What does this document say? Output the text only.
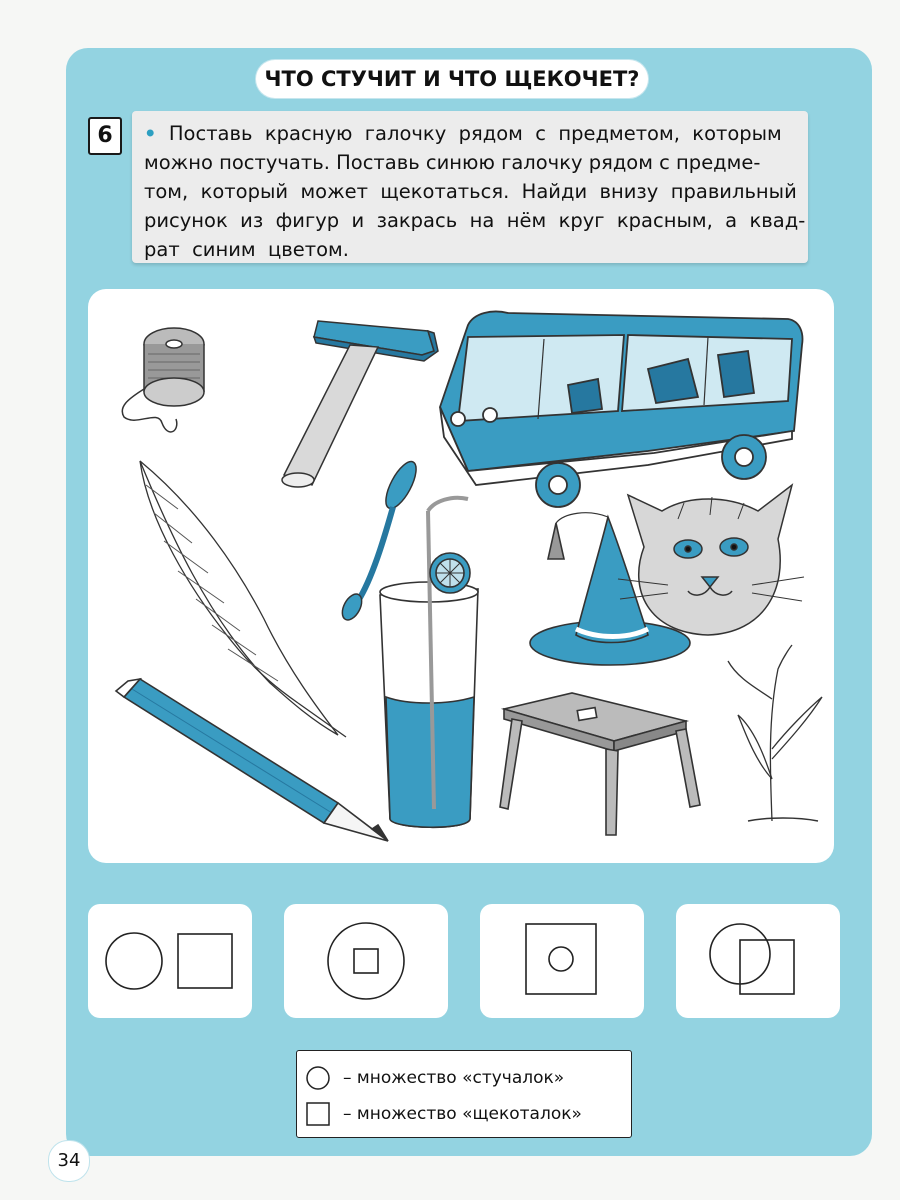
ЧТО СТУЧИТ И ЧТО ЩЕКОЧЕТ?
6	• Поставь  красную  галочку  рядом  с  предметом,  которым
можно постучать. Поставь синюю галочку рядом с предме-
том,  который  может  щекотаться.  Найди  внизу  правильный
рисунок  из  фигур  и  закрась  на  нём  круг  красным,  а  квад-
рат  синим  цветом.
– множество «стучалок»
– множество «щекоталок»
34
